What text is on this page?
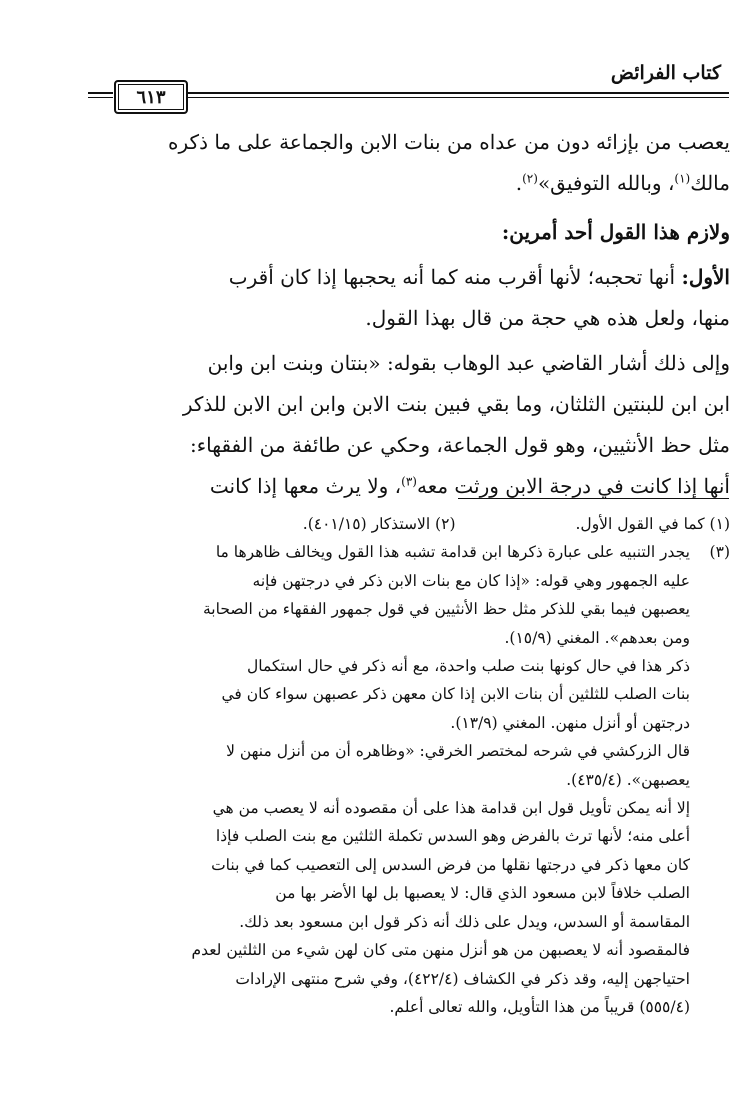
كتاب الفرائض
٦١٣

يعصب من بإزائه دون من عداه من بنات الابن والجماعة على ما ذكره
مالك$^{(١)}$، وبالله التوفيق»$^{(٢)}$.

ولازم هذا القول أحد أمرين:

الأول: أنها تحجبه؛ لأنها أقرب منه كما أنه يحجبها إذا كان أقرب
منها، ولعل هذه هي حجة من قال بهذا القول.

وإلى ذلك أشار القاضي عبد الوهاب بقوله: «بنتان وبنت ابن وابن
ابن ابن للبنتين الثلثان، وما بقي فبين بنت الابن وابن ابن الابن للذكر
مثل حظ الأنثيين، وهو قول الجماعة، وحكي عن طائفة من الفقهاء:
أنها إذا كانت في درجة الابن ورثت معه$^{(٣)}$، ولا يرث معها إذا كانت

(١) كما في القول الأول.
(٢) الاستذكار (٤٠١/١٥).

(٣)يجدر التنبيه على عبارة ذكرها ابن قدامة تشبه هذا القول ويخالف ظاهرها ما

عليه الجمهور وهي قوله: «إذا كان مع بنات الابن ذكر في درجتهن فإنه

يعصبهن فيما بقي للذكر مثل حظ الأنثيين في قول جمهور الفقهاء من الصحابة

ومن بعدهم». المغني (١٥/٩).

ذكر هذا في حال كونها بنت صلب واحدة، مع أنه ذكر في حال استكمال

بنات الصلب للثلثين أن بنات الابن إذا كان معهن ذكر عصبهن سواء كان في

درجتهن أو أنزل منهن. المغني (١٣/٩).

قال الزركشي في شرحه لمختصر الخرقي: «وظاهره أن من أنزل منهن لا

يعصبهن». (٤٣٥/٤).

إلا أنه يمكن تأويل قول ابن قدامة هذا على أن مقصوده أنه لا يعصب من هي

أعلى منه؛ لأنها ترث بالفرض وهو السدس تكملة الثلثين مع بنت الصلب فإذا

كان معها ذكر في درجتها نقلها من فرض السدس إلى التعصيب كما في بنات

الصلب خلافاً لابن مسعود الذي قال: لا يعصبها بل لها الأضر بها من

المقاسمة أو السدس، ويدل على ذلك أنه ذكر قول ابن مسعود بعد ذلك.

فالمقصود أنه لا يعصبهن من هو أنزل منهن متى كان لهن شيء من الثلثين لعدم

احتياجهن إليه، وقد ذكر في الكشاف (٤٢٢/٤)، وفي شرح منتهى الإرادات

(٥٥٥/٤) قريباً من هذا التأويل، والله تعالى أعلم.
